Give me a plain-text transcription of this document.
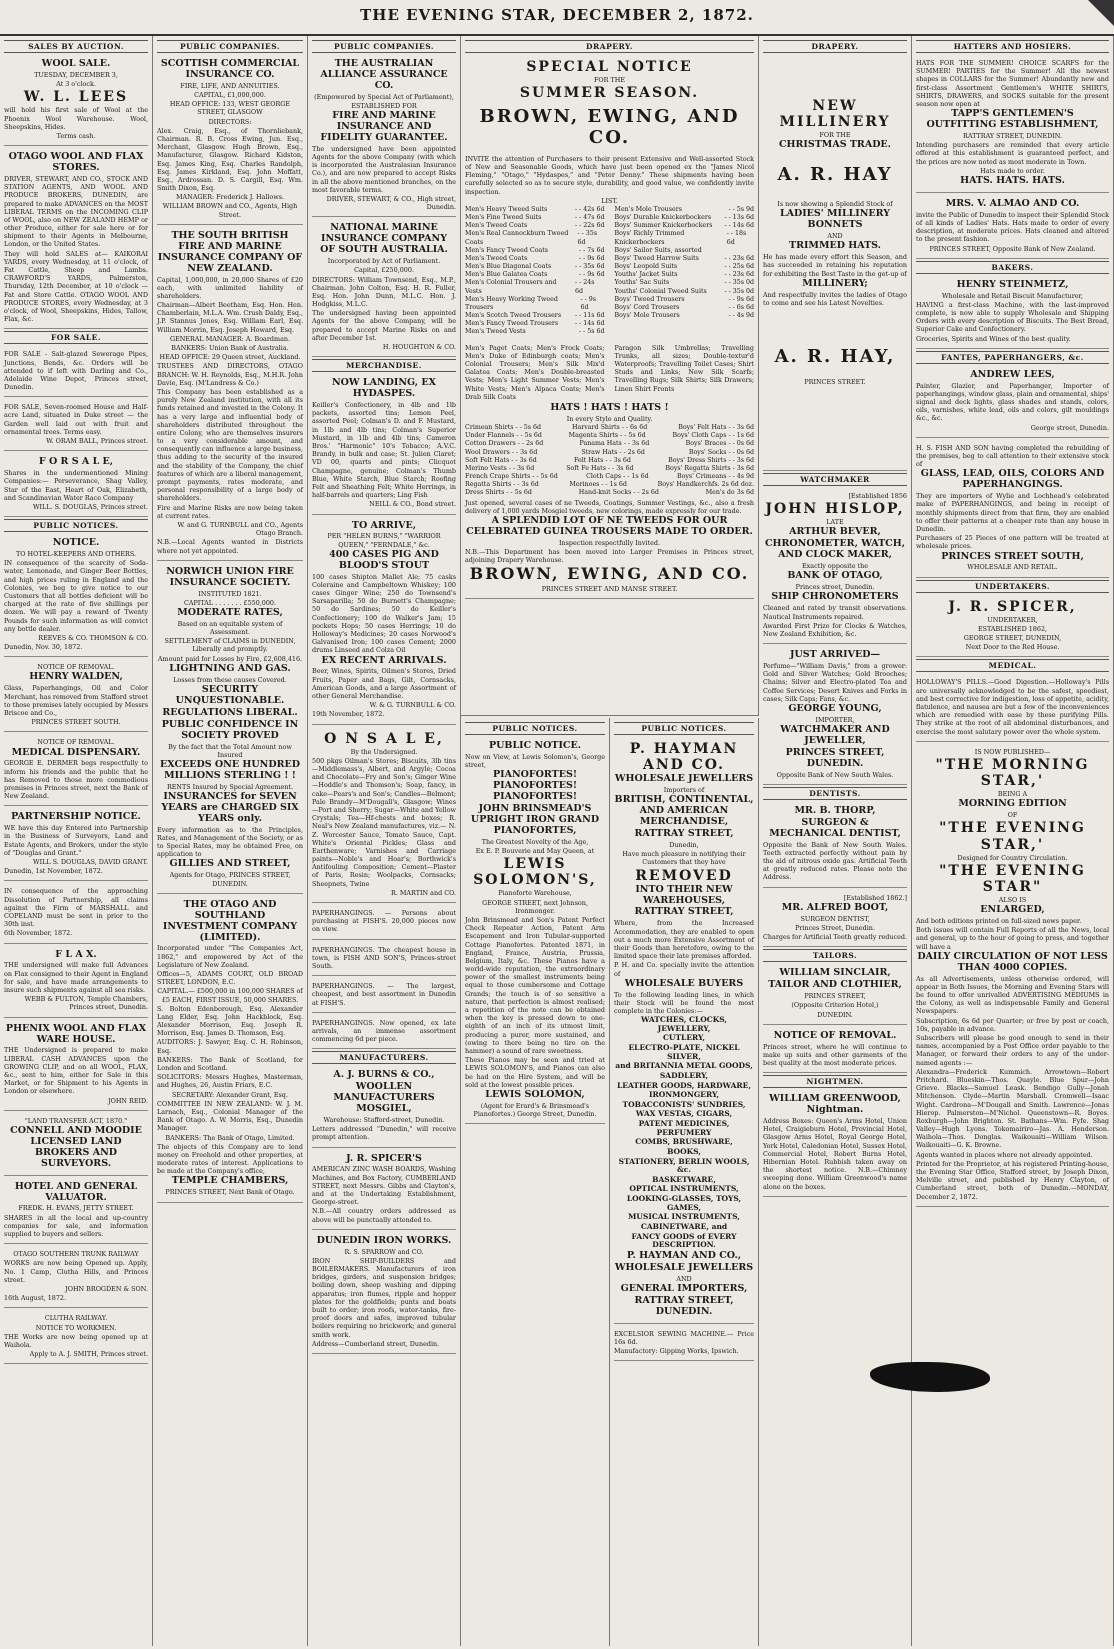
THE EVENING STAR, DECEMBER 2, 1872.
SALES BY AUCTION.
WOOL SALE.

TUESDAY, DECEMBER 3,

At 3 o'clock.

W. L. LEES

will hold his first sale of Wool at the Phoenix Wool Warehouse. Wool, Sheepskins, Hides.

Terms cash.

OTAGO WOOL AND FLAX STORES.

DRIVER, STEWART, AND CO., STOCK AND STATION AGENTS, AND WOOL AND PRODUCE BROKERS, DUNEDIN, are prepared to make ADVANCES on the MOST LIBERAL TERMS on the INCOMING CLIP of WOOL, also on NEW ZEALAND HEMP or other Produce, either for sale here or for shipment to their Agents in Melbourne, London, or the United States.

They will hold SALES at— KAIKORAI YARDS, every Wednesday, at 11 o'clock, of Fat Cattle, Sheep and Lambs. CRAWFORD'S YARDS, Palmerston, Thursday, 12th December, at 10 o'clock — Fat and Store Cattle. OTAGO WOOL AND PRODUCE STORES, every Wednesday, at 3 o'clock, of Wool, Sheepskins, Hides, Tallow, Flax, &c.

FOR SALE.

FOR SALE - Salt-glazed Sewerage Pipes, Junctions, Bends, &c. Orders will be attended to if left with Darling and Co., Adelaide Wine Depot, Princes street, Dunedin.

FOR SALE, Seven-roomed House and Half-acre Land, situated in Duke street — the Garden well laid out with fruit and ornamental trees. Terms easy.

W. ORAM BALL, Princes street.

F O R S A L E,

Shares in the undermentioned Mining Companies:— Perseverance, Shag Valley, Star of the East, Heart of Oak, Elizabeth, and Scandinavian Water Race Company

WILL. S. DOUGLAS, Princes street.

PUBLIC NOTICES.
NOTICE.

TO HOTEL-KEEPERS AND OTHERS.

IN consequence of the scarcity of Soda-water, Lemonade, and Ginger Beer Bottles, and high prices ruling in England and the Colonies, we beg to give notice to our Customers that all bottles deficient will be charged at the rate of five shillings per dozen. We will pay a reward of Twenty Pounds for such information as will convict any bottle dealer.

REEVES & CO. THOMSON & CO.

Dunedin, Nov. 30, 1872.

NOTICE OF REMOVAL.

HENRY WALDEN,

Glass, Paperhangings, Oil and Color Merchant, has removed from Stafford street to those premises lately occupied by Messrs Briscoe and Co.,

PRINCES STREET SOUTH.

NOTICE OF REMOVAL.

MEDICAL DISPENSARY.

GEORGE E. DERMER begs respectfully to inform his friends and the public that he has Removed to those more commodious premises in Princes street, next the Bank of New Zealand.

PARTNERSHIP NOTICE.

WE have this day Entered into Partnership in the Business of Surveyors, Land and Estate Agents, and Brokers, under the style of "Douglas and Grant."

WILL S. DOUGLAS, DAVID GRANT.

Dunedin, 1st November, 1872.

IN consequence of the approaching Dissolution of Partnership, all claims against the Firm of MARSHALL and COPELAND must be sent in prior to the 30th inst.

6th November, 1872.

F L A X.

THE undersigned will make full Advances on Flax consigned to their Agent in England for sale, and have made arrangements to insure such shipments against all sea risks.

WEBB & FULTON, Temple Chambers, Princes street, Dunedin.

PHENIX WOOL AND FLAX WARE HOUSE.

THE Undersigned is prepared to make LIBERAL CASH ADVANCES upon the GROWING CLIP, and on all WOOL, FLAX, &c., sent to him, either for Sale in this Market, or for Shipment to his Agents in London or elsewhere.

JOHN REID.

"LAND TRANSFER ACT, 1870."

CONNELL AND MOODIE LICENSED LAND BROKERS AND SURVEYORS.
HOTEL AND GENERAL VALUATOR.

FREDK. H. EVANS, JETTY STREET.

SHARES in all the local and up-country companies for sale, and information supplied to buyers and sellers.

OTAGO SOUTHERN TRUNK RAILWAY

WORKS are now being Opened up. Apply, No. 1 Camp, Clutha Hills, and Princes street.

JOHN BROGDEN & SON.

16th August, 1872.

CLUTHA RAILWAY.

NOTICE TO WORKMEN.

THE Works are now being opened up at Waihola.

Apply to A. J. SMITH, Princes street.

PUBLIC COMPANIES.
SCOTTISH COMMERCIAL INSURANCE CO.

FIRE, LIFE, AND ANNUITIES.

CAPITAL, £1,000,000.

HEAD OFFICE: 133, WEST GEORGE STREET, GLASGOW

DIRECTORS:

Alex. Craig, Esq., of Thornliebank, Chairman. R. B. Cross Ewing, Jun. Esq., Merchant, Glasgow. Hugh Brown, Esq., Manufacturer, Glasgow. Richard Kidston, Esq. James King, Esq. Charles Randolph, Esq. James Kirkland, Esq. John Moffatt, Esq., Ardrossan. D. S. Cargill, Esq. Wm. Smith Dixon, Esq.

MANAGER: Frederick J. Hallows.

WILLIAM BROWN and CO., Agents, High Street.

THE SOUTH BRITISH FIRE AND MARINE INSURANCE COMPANY OF NEW ZEALAND.

Capital, 1,000,000, in 20,000 Shares of £20 each, with unlimited liability of shareholders.

Chairman—Albert Beetham, Esq. Hon. Hen. Chamberlain, M.L.A. Wm. Crush Daldy, Esq., J.P. Stannus Jones, Esq. William Earl, Esq. William Morrin, Esq. Joseph Howard, Esq.

GENERAL MANAGER: A. Boardman.

BANKERS: Union Bank of Australia.

HEAD OFFICE: 29 Queen street, Auckland.

TRUSTEES AND DIRECTORS, OTAGO BRANCH: W. H. Reynolds, Esq., M.H.R. John Davie, Esq. (M'Landress & Co.)

This Company has been established as a purely New Zealand institution, with all its funds retained and invested in the Colony. It has a very large and influential body of shareholders distributed throughout the entire Colony, who are themselves insurers to a very considerable amount, and consequently can influence a large business, thus adding to the security of the insured and the stability of the Company, the chief features of which are a liberal management, prompt payments, rates moderate, and personal responsibility of a large body of shareholders.

Fire and Marine Risks are now being taken at current rates.

W. and G. TURNBULL and CO., Agents Otago Branch.

N.B.—Local Agents wanted in Districts where not yet appointed.

NORWICH UNION FIRE INSURANCE SOCIETY.

INSTITUTED 1821.

CAPITAL . . . . . . . £550,000.

MODERATE RATES,

Based on an equitable system of Assessment.

SETTLEMENT of CLAIMS in DUNEDIN, Liberally and promptly.

Amount paid for Losses by Fire, £2,608,416.

LIGHTNING AND GAS.

Losses from these causes Covered.

SECURITY UNQUESTIONABLE.
REGULATIONS LIBERAL.
PUBLIC CONFIDENCE IN SOCIETY PROVED

By the fact that the Total Amount now Insured

EXCEEDS ONE HUNDRED MILLIONS STERLING ! !

RENTS Insured by Special Agreement.

INSURANCES for SEVEN YEARS are CHARGED SIX YEARS only.

Every information as to the Principles, Rates, and Management of the Society, or as to Special Rates, may be obtained Free, on application to

GILLIES AND STREET,

Agents for Otago, PRINCES STREET, DUNEDIN.

THE OTAGO AND SOUTHLAND INVESTMENT COMPANY (LIMITED).

Incorporated under "The Companies Act, 1862," and empowered by Act of the Legislature of New Zealand.

Offices—5, ADAMS COURT, OLD BROAD STREET, LONDON, E.C.

CAPITAL.— £500,000 in 100,000 SHARES of £5 EACH, FIRST ISSUE, 50,000 SHARES.

S. Bolton Edenborough, Esq. Alexander Lang Elder, Esq. John Hackblock, Esq. Alexander Morrison, Esq. Joseph R. Morrison, Esq. James D. Thomson, Esq.

AUDITORS: J. Sawyer, Esq. C. H. Robinson, Esq.

BANKERS: The Bank of Scotland, for London and Scotland.

SOLICITORS: Messrs Hughes, Masterman, and Hughes, 26, Austin Friars, E.C.

SECRETARY: Alexander Grant, Esq.

COMMITTEE IN NEW ZEALAND: W. J. M. Larnach, Esq., Colonial Manager of the Bank of Otago. A. W. Morris, Esq., Dunedin Manager.

BANKERS: The Bank of Otago, Limited.

The objects of this Company are to lend money on Freehold and other properties, at moderate rates of interest. Applications to be made at the Company's office,

TEMPLE CHAMBERS,

PRINCES STREET, Next Bank of Otago.

PUBLIC COMPANIES.
THE AUSTRALIAN ALLIANCE ASSURANCE CO.

(Empowered by Special Act of Parliament),

ESTABLISHED FOR

FIRE AND MARINE INSURANCE AND FIDELITY GUARANTEE.

The undersigned have been appointed Agents for the above Company (with which is incorporated the Australasian Insurance Co.), and are now prepared to accept Risks in all the above mentioned branches, on the most favorable terms.

DRIVER, STEWART, & CO., High street, Dunedin.

NATIONAL MARINE INSURANCE COMPANY OF SOUTH AUSTRALIA.

Incorporated by Act of Parliament.

Capital, £250,000.

DIRECTORS: William Townsend, Esq., M.P., Chairman. John Colton, Esq. H. R. Fuller, Esq. Hon. John Dunn, M.L.C. Hon. J. Hodgkiss, M.L.C.

The undersigned having been appointed Agents for the above Company, will be prepared to accept Marine Risks on and after December 1st.

H. HOUGHTON & CO.

MERCHANDISE.
NOW LANDING, EX HYDASPES.

Keiller's Confectionery, in 4lb and 1lb packets, assorted tins; Lemon Peel, assorted Peel; Colman's D. and F. Mustard, in 1lb and 4lb tins; Colman's Superior Mustard, in 1lb and 4lb tins; Cameron Bros.' "Harmonic" 10's Tobacco; A.V.C. Brandy, in bulk and case; St. Julien Claret; VD 00, quarts and pints; Clicquot Champagne, genuine; Colman's Thumb Blue, White Starch, Blue Starch; Roofing Felt and Sheathing Felt; White Herrings, in half-barrels and quarters; Ling Fish

NEILL & CO., Bond street.

TO ARRIVE,

PER "HELEN BURNS," "WARRIOR QUEEN," "FERNDALE," &c.

400 CASES PIG AND BLOOD'S STOUT

100 cases Shipton Mallet Ale; 75 casks Coleraine and Campbeltown Whiskey; 100 cases Ginger Wine; 250 do Townsend's Sarsaparilla; 50 do Burnett's Champagne; 50 do Sardines; 50 do Keiller's Confectionery; 100 do Walker's Jam; 15 pockets Hops; 50 cases Herrings; 10 do Holloway's Medicines; 20 cases Norwood's Galvanised Iron; 100 cases Cement; 2000 drums Linseed and Colza Oil

EX RECENT ARRIVALS.

Beer, Wines, Spirits, Oilmen's Stores, Dried Fruits, Paper and Bags, Gilt, Cornsacks, American Goods, and a large Assortment of other General Merchandise.

W. & G. TURNBULL & CO.

19th November, 1872.

O N S A L E,

By the Undersigned.

500 pkgs Oilman's Stores; Biscuits, 3lb tins—Middlemass's, Albert, and Argyle; Cocoa and Chocolate—Fry and Son's; Ginger Wine—Hoddle's and Thomson's; Soap, fancy, in cake—Pears's and Son's; Candles—Belmont; Pale Brandy—M'Dougall's, Glasgow; Wines—Port and Sherry; Sugar—White and Yellow Crystals; Tea—Hf-chests and boxes; R. Neal's New Zealand manufactures, viz.— N. Z. Worcester Sauce, Tomato Sauce, Capt. White's Oriental Pickles; Glass and Earthenware; Varnishes and Carriage paints—Noble's and Hoar's; Borthwick's Antifouling Composition; Cement—Plaster of Paris, Resin; Woolpacks, Cornsacks; Sheepnets, Twine

R. MARTIN and CO.

PAPERHANGINGS. — Persons about purchasing at FISH'S. 20,000 pieces now on view.

PAPERHANGINGS. The cheapest house in town, is FISH AND SON'S, Princes-street South.

PAPERHANGINGS. — The largest, cheapest, and best assortment in Dunedin at FISH'S.

PAPERHANGINGS. Now opened, ex late arrivals, an immense assortment commencing 6d per piece.

MANUFACTURERS.
A. J. BURNS & CO.,
WOOLLEN MANUFACTURERS MOSGIEL,

Warehouse: Stafford-street, Dunedin.

Letters addressed "Dunedin," will receive prompt attention.

J. R. SPICER'S

AMERICAN ZINC WASH BOARDS, Washing Machines, and Box Factory, CUMBERLAND STREET, next Messrs. Gibbs and Clayton's, and at the Undertaking Establishment, George-street.

N.B.—All country orders addressed as above will be punctually attended to.

DUNEDIN IRON WORKS.

R. S. SPARROW and CO.

IRON SHIP-BUILDERS and BOILERMAKERS. Manufacturers of iron bridges, girders, and suspension bridges; boiling down, sheep washing and dipping apparatus; iron flumes, ripple and hopper plates for the goldfields; punts and boats built to order; iron roofs, water-tanks, fire-proof doors and safes, improved tubular boilers requiring no brickwork; and general smith work.

Address—Cumberland street, Dunedin.

DRAPERY.
SPECIAL NOTICE

FOR THE

SUMMER SEASON.
BROWN, EWING, AND CO.

INVITE the attention of Purchasers to their present Extensive and Well-assorted Stock of New and Seasonable Goods, which have just been opened ex the "James Nicol Fleming," "Otago," "Hydaspes," and "Peter Denny." These shipments having been carefully selected so as to secure style, durability, and good value, we confidently invite inspection.

LIST.

Men's Heavy Tweed Suits	- - 42s 6d
Men's Fine Tweed Suits	- - 47s 6d
Men's Tweed Coats	- - 22s 6d
Men's Real Cannockburn Tweed Coats
- - 35s 6d
Men's Fancy Tweed Coats	- - 7s 6d
Men's Tweed Coats	- - 9s 6d
Men's Blue Diagonal Coats	- - 35s 6d
Men's Blue Galatea Coats	- - 9s 6d
Men's Colonial Trousers and Vests
- - 24s 6d
Men's Heavy Working Tweed Trousers
- - 9s 6d
Men's Scotch Tweed Trousers - - 11s 6d
Men's Fancy Tweed Trousers	- - 14s 6d
Men's Tweed Vests	- - 5s 6d
Men's Mole Trousers	- - 5s 9d
Boys' Durable Knickerbockers - - 13s 6d
Boys' Summer Knickerbockers - - 14s 6d
Boys' Richly Trimmed Knickerbockers
- - 18s 6d
Boys' Sailor Suits, assorted
Boys' Tweed Harrow Suits	- - 23s 6d
Boys' Leopold Suits	- - 25s 6d
Youths' Jacket Suits	- - 23s 6d
Youths' Sac Suits	- - 35s 0d
Youths' Colonial Tweed Suits	- - 35s 0d
Boys' Tweed Trousers	- - 9s 6d
Boys' Cord Trousers	- - 6s 6d
Boys' Mole Trousers	- - 4s 9d

Men's Paget Coats; Men's Frock Coats; Men's Duke of Edinburgh coats; Men's Colonial Trousers; Men's Silk Mix'd Galatea Coats; Men's Double-breasted Vests; Men's Light Summer Vests; Men's White Vests; Men's Alpaca Coats; Men's Drab Silk Coats

Paragon Silk Umbrellas; Travelling Trunks, all sizes; Double-textur'd Waterproofs; Travelling Toilet Cases; Shirt Studs and Links; New Silk Scarfs; Travelling Rugs; Silk Shirts; Silk Drawers; Linen Shirt Fronts

HATS ! HATS ! HATS !

In every Style and Quality.

Crimean Shirts - - 5s 6d	Harvard Shirts - - 6s 6d	Boys' Felt Hats - - 3s 6d
Under Flannels - - 5s 6d	Magenta Shirts - - 5s 6d	Boys' Cloth Caps - - 1s 6d
Cotton Drawers - - 2s 6d	Panama Hats - - 3s 6d	Boys' Braces - - 0s 6d
Wool Drawers - - 3s 6d	Straw Hats - - 2s 6d	Boys' Socks - - 0s 6d
Soft Felt Hats - - 3s 6d	Felt Hats - - 3s 6d	Boys' Dress Shirts - - 3s 6d
Merino Vests - - 3s 6d	Soft Fe Hats - - 3s 6d	Boys' Regatta Shirts - 3s 6d
French Crape Shirts - - 5s 6d	Cloth Caps - - 1s 6d	Boys' Crimeans - - 4s 9d
Regatta Shirts - - 3s 6d	Merinoes - - 1s 6d	Boys' Handkerchfs. 2s 6d doz.
Dress Shirts - - 5s 6d	Hand-knit Socks - - 2s 6d	Men's do 3s 6d

Just opened, several cases of ne Tweeds, Coatings, Summer Vestings, &c., also a fresh delivery of 1,000 yards Mosgiel tweeds, new colorings, made expressly for our trade.

A SPLENDID LOT OF NE TWEEDS FOR OUR CELEBRATED GUINEA TROUSERS MADE TO ORDER.

Inspection respectfully Invited.

N.B.—This Department has been moved into Larger Premises in Princes street, adjoining Drapery Warehouse.

BROWN, EWING, AND CO.

PRINCES STREET AND MANSE STREET.

PUBLIC NOTICES.
PUBLIC NOTICE.

Now on View, at Lewis Solomon's, George street,

PIANOFORTES! PIANOFORTES! PIANOFORTES!
JOHN BRINSMEAD'S UPRIGHT IRON GRAND PIANOFORTES,

The Greatest Novelty of the Age,

Ex E. P. Bouverie and May Queen, at

LEWIS SOLOMON'S,

Pianoforte Warehouse,

GEORGE STREET, next Johnson, Ironmonger.

John Brinsmead and Son's Patent Perfect Check Repeater Action, Patent Arm Escapement and Iron Tubular-supported Cottage Pianofortes. Patented 1871, in England, France, Austria, Prussia, Belgium, Italy, &c. These Pianos have a world-wide reputation, the extraordinary power of the smallest instruments being equal to those cumbersome and Cottage Grands; the touch is of so sensitive a nature, that perfection is almost realised; a repetition of the note can be obtained when the key is pressed down to one-eighth of an inch of its utmost limit, producing a purer, more sustained, and (owing to there being no tire on the hammer) a sound of rare sweetness.

These Pianos may be seen and tried at LEWIS SOLOMON'S, and Pianos can also be had on the Hire System, and will be sold at the lowest possible prices.

LEWIS SOLOMON,

(Agent for Erard's & Brinsmead's Pianofortes.) George Street, Dunedin.

PUBLIC NOTICES.
P. HAYMAN AND CO.
WHOLESALE JEWELLERS

Importers of

BRITISH, CONTINENTAL, AND AMERICAN MERCHANDISE,
RATTRAY STREET,

Dunedin,

Have much pleasure in notifying their Customers that they have

REMOVED
INTO THEIR NEW WAREHOUSES,
RATTRAY STREET,

Where, from the Increased Accommodation, they are enabled to open out a much more Extensive Assortment of their Goods than heretofore, owing to the limited space their late premises afforded.

P. H. and Co. specially invite the attention of

WHOLESALE BUYERS

To the following leading lines, in which their Stock will be found the most complete in the Colonies:—

WATCHES, CLOCKS, JEWELLERY,
CUTLERY,
ELECTRO-PLATE, NICKEL SILVER,
and BRITANNIA METAL GOODS,
SADDLERY,
LEATHER GOODS, HARDWARE,
IRONMONGERY,
TOBACCONISTS' SUNDRIES,
WAX VESTAS, CIGARS,
PATENT MEDICINES, PERFUMERY
COMBS, BRUSHWARE,
BOOKS,
STATIONERY, BERLIN WOOLS, &c.
BASKETWARE,
OPTICAL INSTRUMENTS,
LOOKING-GLASSES, TOYS, GAMES,
MUSICAL INSTRUMENTS,
CABINETWARE, and
FANCY GOODS of EVERY DESCRIPTION.
P. HAYMAN AND CO.,
WHOLESALE JEWELLERS

AND

GENERAL IMPORTERS,
RATTRAY STREET, DUNEDIN.

EXCELSIOR SEWING MACHINE.— Price 16s 6d.

Manufactory: Gipping Works, Ipswich.

DRAPERY.
NEW MILLINERY

FOR THE

CHRISTMAS TRADE.
A. R. HAY

Is now showing a Splendid Stock of

LADIES' MILLINERY BONNETS

AND

TRIMMED HATS.

He has made every effort this Season, and has succeeded in retaining his reputation for exhibiting the Best Taste in the get-up of

MILLINERY;

And respectfully invites the ladies of Otago to come and see his Latest Novelties.

A. R. HAY,

PRINCES STREET.

WATCHMAKER

[Established 1856

JOHN HISLOP,

LATE

ARTHUR BEVER,
CHRONOMETER, WATCH, AND CLOCK MAKER,

Exactly opposite the

BANK OF OTAGO,

Princes street, Dunedin.

SHIP CHRONOMETERS

Cleaned and rated by transit observations. Nautical Instruments repaired.

Awarded First Prize for Clocks & Watches, New Zealand Exhibition, &c.

JUST ARRIVED—

Perfume—"William Davis," from a grower: Gold and Silver Watches; Gold Brooches; Chains; Silver and Electro-plated Tea and Coffee Services; Desert Knives and Forks in cases; Silk Caps; Fans, &c.

GEORGE YOUNG,

IMPORTER,

WATCHMAKER AND JEWELLER,
PRINCES STREET, DUNEDIN.

Opposite Bank of New South Wales.

DENTISTS.
MR. B. THORP,
SURGEON & MECHANICAL DENTIST,

Opposite the Bank of New South Wales. Teeth extracted perfectly without pain by the aid of nitrous oxide gas. Artificial Teeth at greatly reduced rates. Please note the Address.

[Established 1862.]

MR. ALFRED BOOT,

SURGEON DENTIST,

Princes Street, Dunedin.

Charges for Artificial Teeth greatly reduced.

TAILORS.
WILLIAM SINCLAIR,
TAILOR AND CLOTHIER,

PRINCES STREET,

(Opposite Criterion Hotel,)

DUNEDIN.

NOTICE OF REMOVAL.

Princes street, where he will continue to make up suits and other garments of the best quality at the most moderate prices.

NIGHTMEN.
WILLIAM GREENWOOD, Nightman.

Address Boxes: Queen's Arms Hotel, Union Hotel, Craigieburn Hotel, Provincial Hotel, Glasgow Arms Hotel, Royal George Hotel, York Hotel, Caledonian Hotel, Sussex Hotel, Commercial Hotel, Robert Burns Hotel, Hibernian Hotel. Rubbish taken away on the shortest notice. N.B.—Chimney sweeping done. William Greenwood's name alone on the boxes.

HATTERS AND HOSIERS.

HATS FOR THE SUMMER! CHOICE SCARFS for the SUMMER! PARTIES for the Summer! All the newest shapes in COLLARS for the Summer! Abundantly new and first-class Assortment Gentlemen's WHITE SHIRTS, SHIRTS, DRAWERS, and SOCKS suitable for the present season now open at

TAPP'S GENTLEMEN'S OUTFITTING ESTABLISHMENT,

RATTRAY STREET, DUNEDIN.

Intending purchasers are reminded that every article offered at this establishment is guaranteed perfect, and the prices are now noted as most moderate in Town.

Hats made to order.

HATS. HATS. HATS.
MRS. V. ALMAO AND CO.

invite the Public of Dunedin to inspect their Splendid Stock of all kinds of Ladies' Hats. Hats made to order of every description, at moderate prices. Hats cleaned and altered to the present fashion.

PRINCES STREET, Opposite Bank of New Zealand.

BAKERS.
HENRY STEINMETZ,

Wholesale and Retail Biscuit Manufacturer,

HAVING a first-class Machine, with the last-improved complete, is now able to supply Wholesale and Shipping Orders with every description of Biscuits. The Best Bread, Superior Cake and Confectionery.

Groceries, Spirits and Wines of the best quality.

FANTES, PAPERHANGERS, &c.
ANDREW LEES,

Painter, Glazier, and Paperhanger, Importer of paperhangings, window glass, plain and ornamental, ships' signal and deck lights, glass shades and stands, colors, oils, varnishes, white lead, oils and colors, gilt mouldings &c., &c.

George street, Dunedin.

H. S. FISH AND SON having completed the rebuilding of the premises, beg to call attention to their extensive stock of

GLASS, LEAD, OILS, COLORS AND PAPERHANGINGS.

They are importers of Wylie and Lochhead's celebrated make of PAPERHANGINGS, and being in receipt of monthly shipments direct from that firm, they are enabled to offer their patterns at a cheaper rate than any house in Dunedin.

Purchasers of 25 Pieces of one pattern will be treated at wholesale prices.

PRINCES STREET SOUTH,

WHOLESALE AND RETAIL.

UNDERTAKERS.
J. R. SPICER,

UNDERTAKER,

ESTABLISHED 1862,

GEORGE STREET, DUNEDIN,

Next Door to the Red House.

MEDICAL.

HOLLOWAY'S PILLS.—Good Digestion.—Holloway's Pills are universally acknowledged to be the safest, speediest, and best corrective for indigestion, loss of appetite, acidity, flatulence, and nausea are but a few of the inconveniences which are remedied with ease by these purifying Pills. They strike at the root of all abdominal disturbances, and exercise the most salutary power over the whole system.

IS NOW PUBLISHED—

"THE MORNING STAR,'

BEING A

MORNING EDITION

OF

"THE EVENING STAR,'

Designed for Country Circulation.

"THE EVENING STAR"

ALSO IS

ENLARGED,

And both editions printed on full-sized news paper.

Both issues will contain Full Reports of all the News, local and general, up to the hour of going to press, and together will have a

DAILY CIRCULATION OF NOT LESS THAN 4000 COPIES.

As all Advertisements, unless otherwise ordered, will appear in Both Issues, the Morning and Evening Stars will be found to offer unrivalled ADVERTISING MEDIUMS in the Colony, as well as indispensable Family and General Newspapers.

Subscription, 6s 6d per Quarter; or free by post or coach, 10s, payable in advance.

Subscribers will please be good enough to send in their names, accompanied by a Post Office order payable to the Manager, or forward their orders to any of the under-named agents :—

Alexandra—Frederick Kummich. Arrowtown—Robert Pritchard. Blueskin—Thos. Quayle. Blue Spur—John Grieve. Blacks—Samuel Leask. Bendigo Gully—Jonah Mitchenson. Clyde—Martin Marshall. Cromwell—Isaac Wight. Cardrona—M'Dougall and Smith. Lawrence—Jonas Hierop. Palmerston—M'Nichol. Queenstown—R. Boyes. Roxburgh—John Brighton. St. Bathans—Wm. Fyfe. Shag Valley—Hugh Lyons. Tokomairiro—Jas. A. Henderson. Waihola—Thos. Donglas. Waikouaiti—William Wilson. Waikouaiti—G. K. Browne.

Agents wanted in places where not already appointed.

Printed for the Proprietor, at his registered Printing-house, the Evening Star Office, Stafford street, by Joseph Dixon, Melville street, and published by Henry Clayton, of Cumberland street, both of Dunedin.—MONDAY, December 2, 1872.
